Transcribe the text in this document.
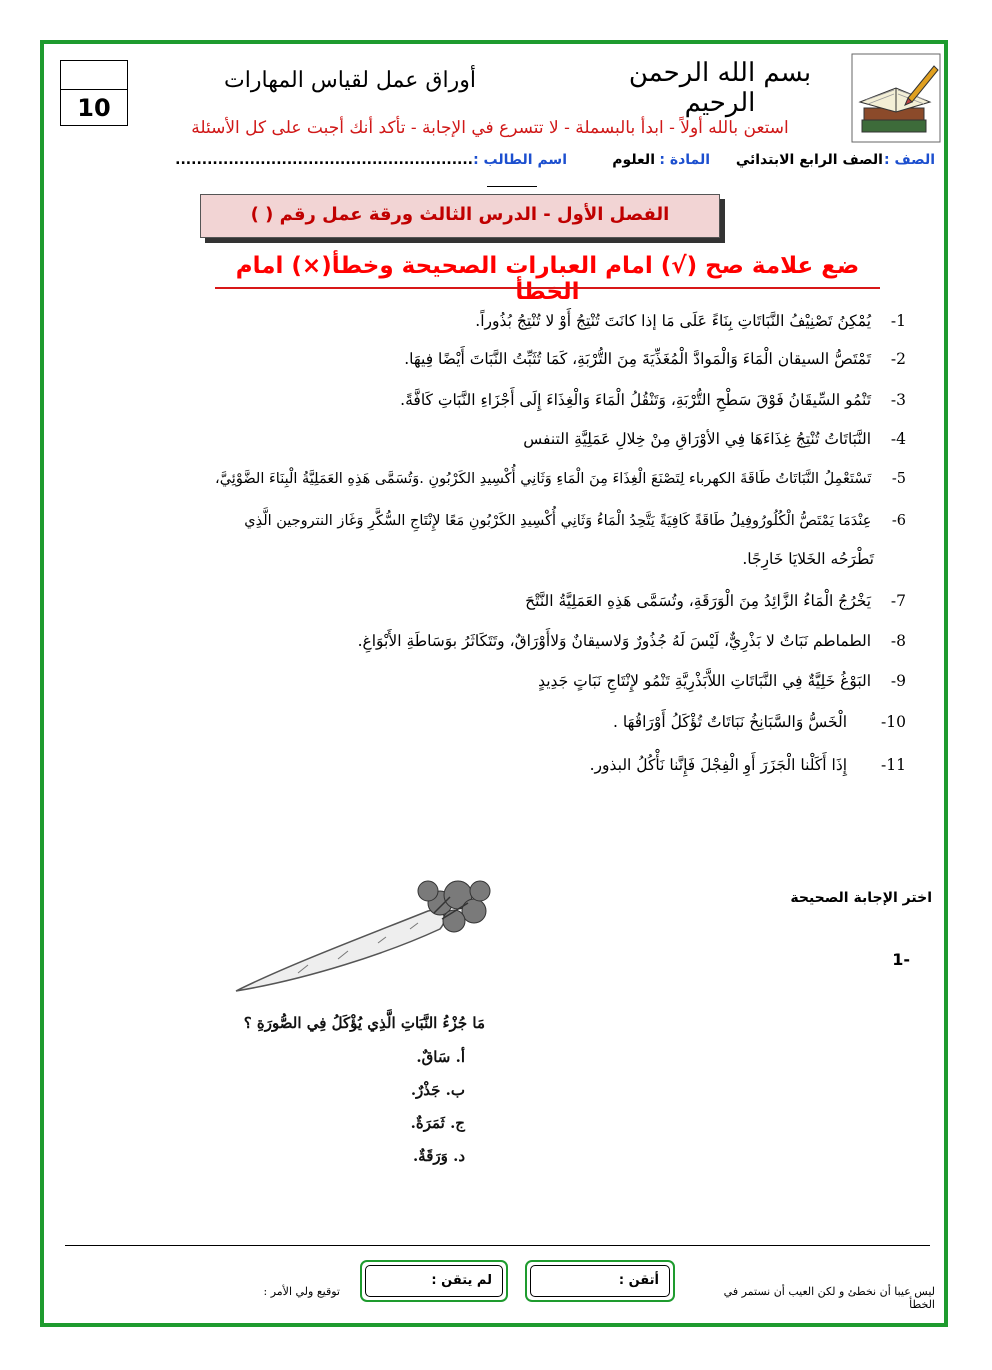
10
أوراق عمل لقياس المهارات	بسم الله الرحمن الرحيم
استعن بالله أولاً - ابدأ بالبسملة - لا تتسرع في الإجابة - تأكد أنك أجبت على كل الأسئلة
الصف :
الصف الرابع الابتدائي
المادة :
العلوم
اسم الطالب :
........................................................
الفصل الأول - الدرس الثالث ورقة عمل رقم ( )
ضع علامة صح (√) امام العبارات الصحيحة وخطأ(×) امام الخطأ
1- يُمْكِنُ تَصْنِيْفُ النَّبَاتَاتِ بِنَاءً عَلَى مَا إذا كانَتَ تُنْتِجُ أَوْ لا تُنْتِجُ بُذُوراً.
2- تَمْتَصُّ السيقان الْمَاءَ وَالْمَوادَّ الْمُغَذِّيَةَ مِنَ التُّرْبَةِ، كَمَا تُثَبِّتُ النَّبَاتَ أَيْضًا فِيهَا.
3- تَنْمُو السِّيقَانُ فَوْقَ سَطْحِ التُّرْبَةِ، وَتَنْقُلُ الْمَاءَ وَالْغِذَاءَ إِلَى أَجْزَاءِ النَّبَاتِ كَافَّةً.
4- النَّبَاتَاتُ تُنْتِجُ غِذَاءَهَا فِي الأوْرَاقِ مِنْ خِلالِ عَمَلِيَّةِ التنفس
5- تَسْتَعْمِلُ النَّبَاتَاتُ طَاقَةَ الكهرباء لِتَصْنَعَ الْغِذَاءَ مِنَ الْمَاءِ وَثَانِي أُكْسِيدِ الكَرْبُونِ .وَتُسَمَّى هَذِهِ العَمَلِيَّةُ الْبِنَاءَ الضَّوْئِيَّ،
6- عِنْدَمَا يَمْتَصُّ الْكُلُورُوفِيلُ طَاقَةً كَافِيَةً يَتَّحِدُ الْمَاءُ وَثَانِي أُكْسِيدِ الكَرْبُونِ مَعًا لإِنْتَاجِ السُّكَّرِ وَغَاز النتروجين الَّذِي
تَطْرَحُه الخَلايَا خَارِجًا.
7- يَخْرُجُ الْمَاءُ الزَّائِدُ مِنَ الْوَرَقَةِ، وتُسَمَّى هَذِهِ العَمَلِيَّةُ النَّتْحَ
8- الطماطم نَبَاتٌ لا بَذْرِيٌّ، لَيْسَ لَهُ جُذُورٌ وَلاسيقانٌ وَلاأَوْرَاقٌ، وتَتَكَاثَرُ بوَسَاطَةِ الأَبْوَاغِ.
9- البَوْغُ خَلِيَّةٌ فِي النَّبَاتَاتِ اللاَّبَذْرِيَّةِ تَنْمُو لإِنْتَاجِ نَبَاتٍ جَدِيدٍ
10- الْخَسُّ وَالسَّبَانِخُ نَبَاتَاتٌ تُؤْكَلُ أَوْرَاقُهَا .
11- إِذَا أَكَلْنا الْجَزَرَ أَوِ الْفِجْلَ فَإِنَّنا نَأْكُلُ البذور.
اختر الإجابة الصحيحة
1-
مَا جُزْءُ النَّبَاتِ الَّذِي يُؤْكَلُ فِي الصُّورَةِ ؟
أ. سَاقٌ.
ب. جَذْرٌ.
ج. ثَمَرَةٌ.
د. وَرَقَةٌ.
ليس عيبا أن نخطئ و لكن العيب أن نستمر في الخطأ
أتقن :
لم يتقن :
توقيع ولي الأمر :
